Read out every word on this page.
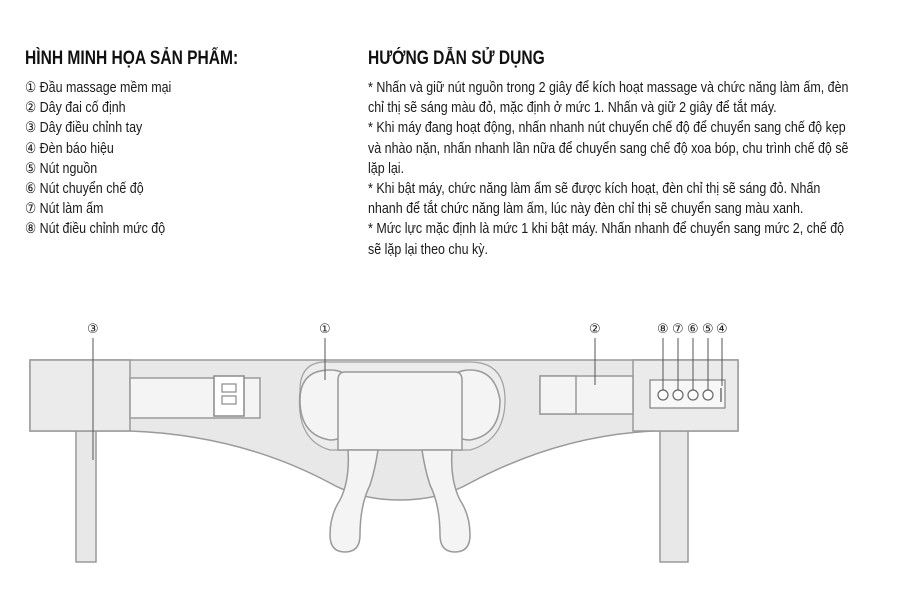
HÌNH MINH HỌA SẢN PHẨM:
① Đầu massage mềm mại
② Dây đai cố định
③ Dây điều chỉnh tay
④ Đèn báo hiệu
⑤ Nút nguồn
⑥ Nút chuyển chế độ
⑦ Nút làm ấm
⑧ Nút điều chỉnh mức độ
HƯỚNG DẪN SỬ DỤNG

* Nhấn và giữ nút nguồn trong 2 giây để kích hoạt massage và chức năng làm ấm, đèn

chỉ thị sẽ sáng màu đỏ, mặc định ở mức 1. Nhấn và giữ 2 giây để tắt máy.

* Khi máy đang hoạt động, nhấn nhanh nút chuyển chế độ để chuyển sang chế độ kẹp

và nhào nặn, nhấn nhanh lần nữa để chuyển sang chế độ xoa bóp, chu trình chế độ sẽ

lặp lại.

* Khi bật máy, chức năng làm ấm sẽ được kích hoạt, đèn chỉ thị sẽ sáng đỏ. Nhấn

nhanh để tắt chức năng làm ấm, lúc này đèn chỉ thị sẽ chuyển sang màu xanh.

* Mức lực mặc định là mức 1 khi bật máy. Nhấn nhanh để chuyển sang mức 2, chế độ

sẽ lặp lại theo chu kỳ.

③	①	②	⑧ ⑦ ⑥ ⑤ ④
